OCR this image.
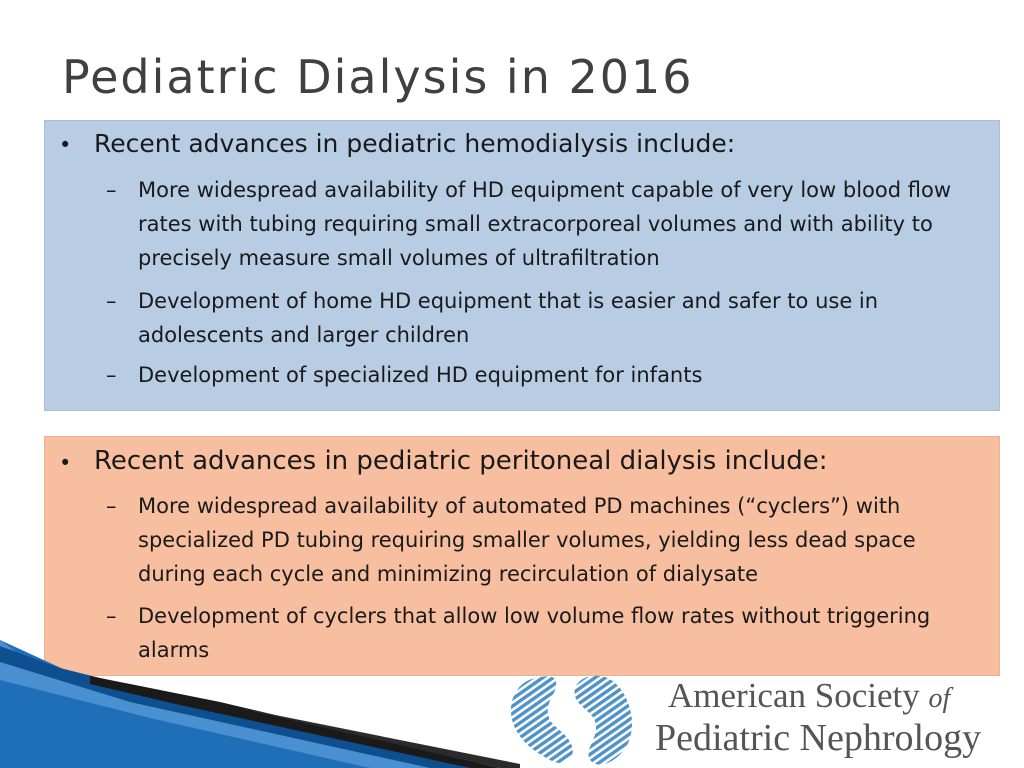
Pediatric Dialysis in 2016
• Recent advances in pediatric hemodialysis include:
– More widespread availability of HD equipment capable of very low blood flow rates with tubing requiring small extracorporeal volumes and with ability to precisely measure small volumes of ultrafiltration
– Development of home HD equipment that is easier and safer to use in adolescents and larger children
– Development of specialized HD equipment for infants
• Recent advances in pediatric peritoneal dialysis include:
– More widespread availability of automated PD machines (“cyclers”) with specialized PD tubing requiring smaller volumes, yielding less dead space during each cycle and minimizing recirculation of dialysate
– Development of cyclers that allow low volume flow rates without triggering alarms
American Society of
Pediatric Nephrology
